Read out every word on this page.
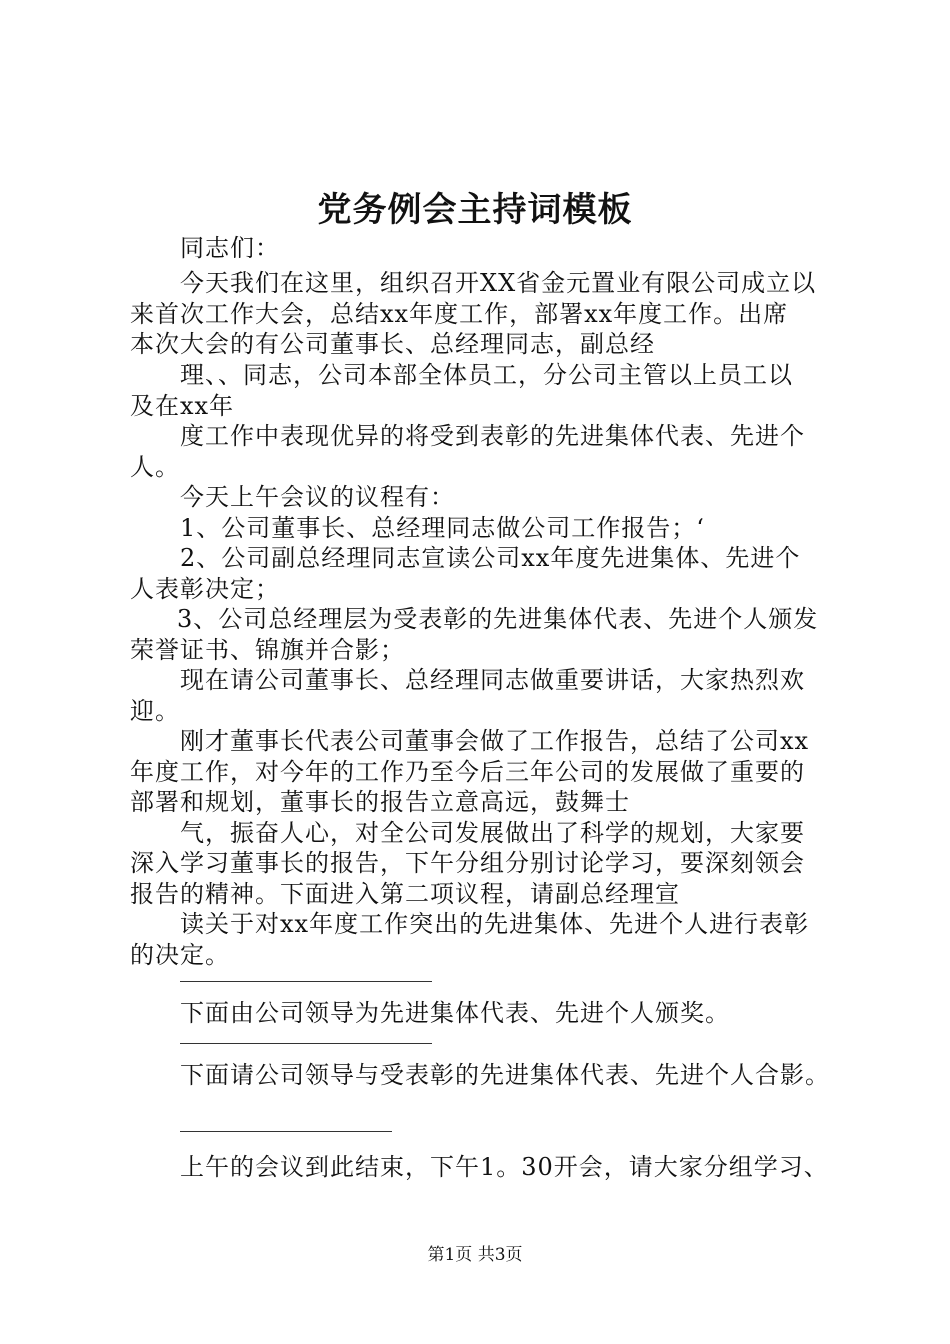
党务例会主持词模板
同志们：
今天我们在这里，组织召开XX省金元置业有限公司成立以
来首次工作大会，总结xx年度工作，部署xx年度工作。出席
本次大会的有公司董事长、总经理同志，副总经
理、、同志，公司本部全体员工，分公司主管以上员工以
及在xx年
度工作中表现优异的将受到表彰的先进集体代表、先进个
人。
今天上午会议的议程有：
1、公司董事长、总经理同志做公司工作报告；‘
2、公司副总经理同志宣读公司xx年度先进集体、先进个
人表彰决定；
3、公司总经理层为受表彰的先进集体代表、先进个人颁发
荣誉证书、锦旗并合影；
现在请公司董事长、总经理同志做重要讲话，大家热烈欢
迎。
刚才董事长代表公司董事会做了工作报告，总结了公司xx
年度工作，对今年的工作乃至今后三年公司的发展做了重要的
部署和规划，董事长的报告立意高远，鼓舞士
气，振奋人心，对全公司发展做出了科学的规划，大家要
深入学习董事长的报告，下午分组分别讨论学习，要深刻领会
报告的精神。下面进入第二项议程，请副总经理宣
读关于对xx年度工作突出的先进集体、先进个人进行表彰
的决定。
下面由公司领导为先进集体代表、先进个人颁奖。
下面请公司领导与受表彰的先进集体代表、先进个人合影。
上午的会议到此结束，下午1。30开会，请大家分组学习、
第1页 共3页
